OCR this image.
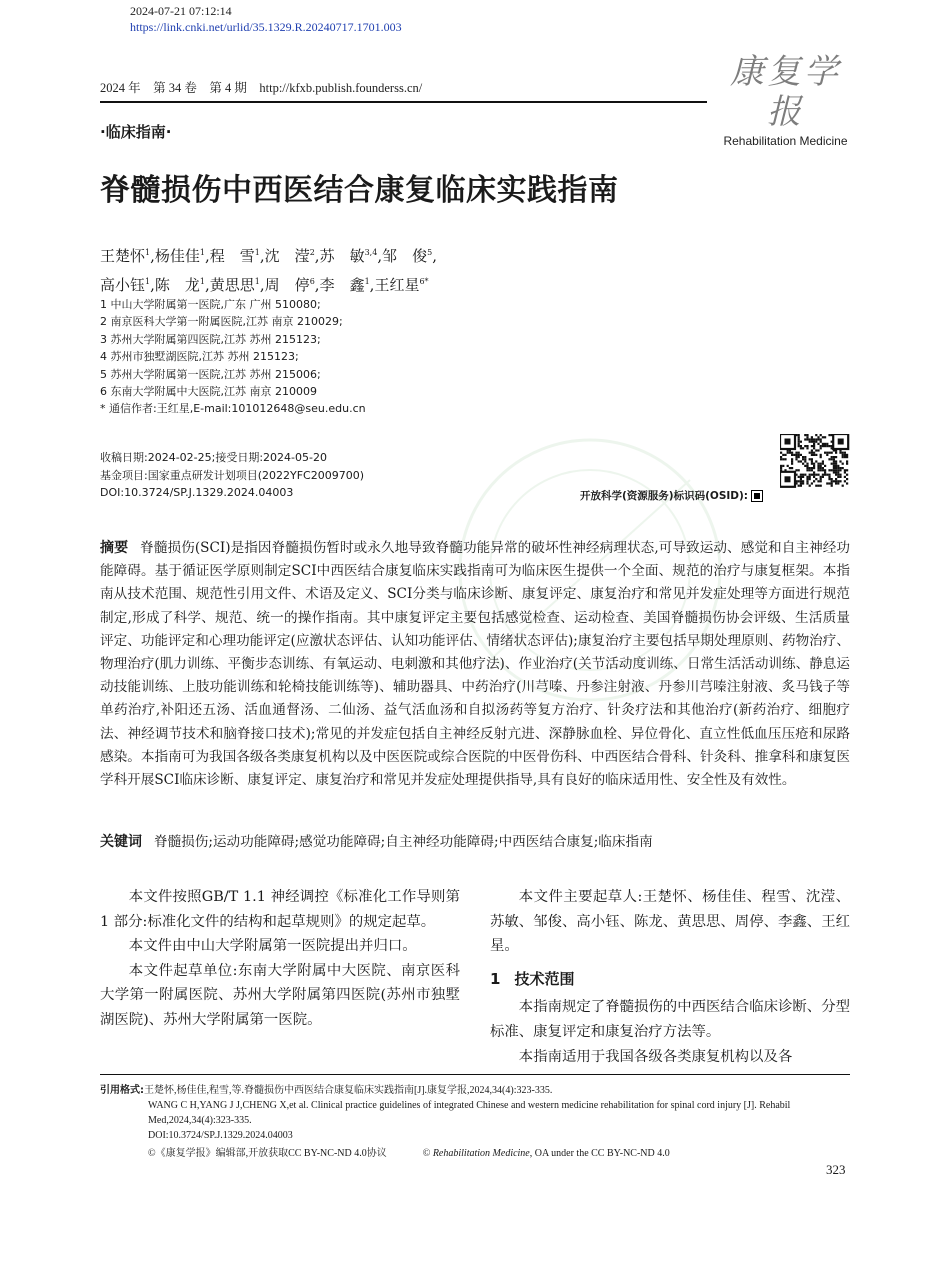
2024-07-21 07:12:14
https://link.cnki.net/urlid/35.1329.R.20240717.1701.003
2024 年　第 34 卷　第 4 期　http://kfxb.publish.founderss.cn/	康复学报
Rehabilitation Medicine
·临床指南·
脊髓损伤中西医结合康复临床实践指南
王楚怀$^1$,杨佳佳$^1$,程　雪$^1$,沈　滢$^2$,苏　敏$^{3,4}$,邹　俊$^5$,
高小钰$^1$,陈　龙$^1$,黄思思$^1$,周　停$^6$,李　鑫$^1$,王红星$^{6*}$
1 中山大学附属第一医院,广东 广州 510080;
2 南京医科大学第一附属医院,江苏 南京 210029;
3 苏州大学附属第四医院,江苏 苏州 215123;
4 苏州市独墅湖医院,江苏 苏州 215123;
5 苏州大学附属第一医院,江苏 苏州 215006;
6 东南大学附属中大医院,江苏 南京 210009
* 通信作者:王红星,E-mail:101012648@seu.edu.cn
收稿日期:2024-02-25;接受日期:2024-05-20
基金项目:国家重点研发计划项目(2022YFC2009700)
DOI:10.3724/SP.J.1329.2024.04003	开放科学(资源服务)标识码(OSID):
摘要 脊髓损伤(SCI)是指因脊髓损伤暂时或永久地导致脊髓功能异常的破坏性神经病理状态,可导致运动、感觉和自主神经功能障碍。基于循证医学原则制定SCI中西医结合康复临床实践指南可为临床医生提供一个全面、规范的治疗与康复框架。本指南从技术范围、规范性引用文件、术语及定义、SCI分类与临床诊断、康复评定、康复治疗和常见并发症处理等方面进行规范制定,形成了科学、规范、统一的操作指南。其中康复评定主要包括感觉检查、运动检查、美国脊髓损伤协会评级、生活质量评定、功能评定和心理功能评定(应激状态评估、认知功能评估、情绪状态评估);康复治疗主要包括早期处理原则、药物治疗、物理治疗(肌力训练、平衡步态训练、有氧运动、电刺激和其他疗法)、作业治疗(关节活动度训练、日常生活活动训练、静息运动技能训练、上肢功能训练和轮椅技能训练等)、辅助器具、中药治疗(川芎嗪、丹参注射液、丹参川芎嗪注射液、炙马钱子等单药治疗,补阳还五汤、活血通督汤、二仙汤、益气活血汤和自拟汤药等复方治疗、针灸疗法和其他治疗(新药治疗、细胞疗法、神经调节技术和脑脊接口技术);常见的并发症包括自主神经反射亢进、深静脉血栓、异位骨化、直立性低血压压疮和尿路感染。本指南可为我国各级各类康复机构以及中医医院或综合医院的中医骨伤科、中西医结合骨科、针灸科、推拿科和康复医学科开展SCI临床诊断、康复评定、康复治疗和常见并发症处理提供指导,具有良好的临床适用性、安全性及有效性。
关键词 脊髓损伤;运动功能障碍;感觉功能障碍;自主神经功能障碍;中西医结合康复;临床指南

本文件按照GB/T 1.1 神经调控《标准化工作导则第 1 部分:标准化文件的结构和起草规则》的规定起草。

本文件由中山大学附属第一医院提出并归口。

本文件起草单位:东南大学附属中大医院、南京医科大学第一附属医院、苏州大学附属第四医院(苏州市独墅湖医院)、苏州大学附属第一医院。

本文件主要起草人:王楚怀、杨佳佳、程雪、沈滢、苏敏、邹俊、高小钰、陈龙、黄思思、周停、李鑫、王红星。

1 技术范围

本指南规定了脊髓损伤的中西医结合临床诊断、分型标准、康复评定和康复治疗方法等。

本指南适用于我国各级各类康复机构以及各

引用格式:王楚怀,杨佳佳,程雪,等.脊髓损伤中西医结合康复临床实践指南[J].康复学报,2024,34(4):323-335.
WANG C H,YANG J J,CHENG X,et al. Clinical practice guidelines of integrated Chinese and western medicine rehabilitation for spinal cord injury [J]. Rehabil Med,2024,34(4):323-335.
DOI:10.3724/SP.J.1329.2024.04003
©《康复学报》编辑部,开放获取CC BY-NC-ND 4.0协议	© Rehabilitation Medicine, OA under the CC BY-NC-ND 4.0
323
